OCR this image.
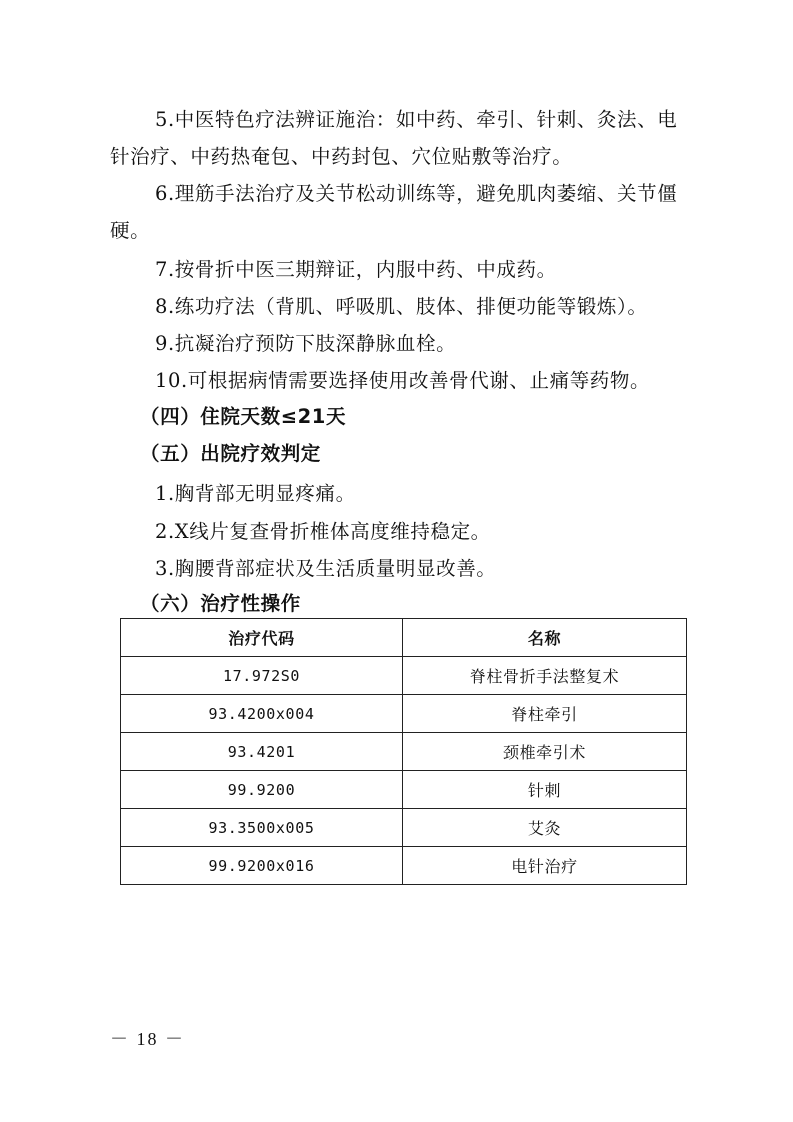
5.中医特色疗法辨证施治：如中药、牵引、针刺、灸法、电针治疗、中药热奄包、中药封包、穴位贴敷等治疗。

6.理筋手法治疗及关节松动训练等，避免肌肉萎缩、关节僵硬。

7.按骨折中医三期辩证，内服中药、中成药。

8.练功疗法（背肌、呼吸肌、肢体、排便功能等锻炼）。

9.抗凝治疗预防下肢深静脉血栓。

10.可根据病情需要选择使用改善骨代谢、止痛等药物。

（四）住院天数≤21天
（五）出院疗效判定

1.胸背部无明显疼痛。

2.X线片复查骨折椎体高度维持稳定。

3.胸腰背部症状及生活质量明显改善。

（六）治疗性操作
治疗代码	名称
17.972S0	脊柱骨折手法整复术
93.4200x004	脊柱牵引
93.4201	颈椎牵引术
99.9200	针刺
93.3500x005	艾灸
99.9200x016	电针治疗
－ 18 －
